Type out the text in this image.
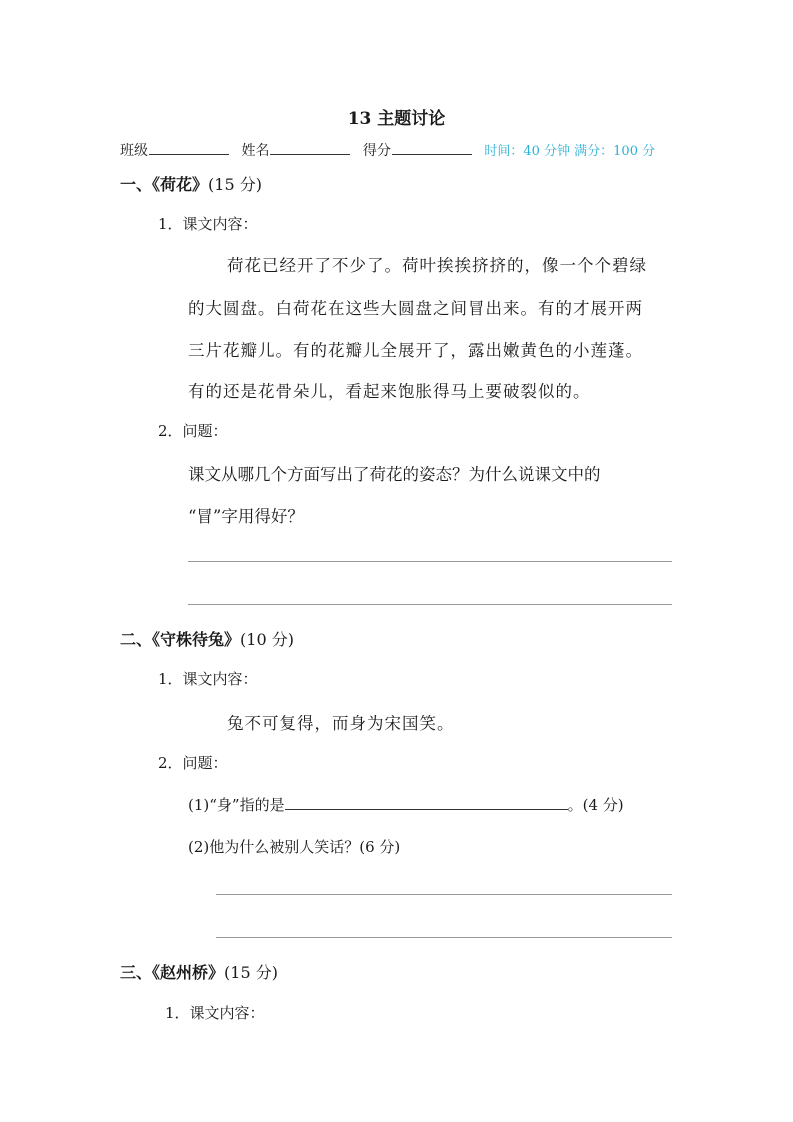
13 主题讨论
班级	姓名	得分	时间：40 分钟 满分：100 分
一、《荷花》(15 分)
1．课文内容：
荷花已经开了不少了。荷叶挨挨挤挤的，像一个个碧绿
的大圆盘。白荷花在这些大圆盘之间冒出来。有的才展开两
三片花瓣儿。有的花瓣儿全展开了，露出嫩黄色的小莲蓬。
有的还是花骨朵儿，看起来饱胀得马上要破裂似的。
2．问题：
课文从哪几个方面写出了荷花的姿态？为什么说课文中的
“冒”字用得好？
二、《守株待兔》(10 分)
1．课文内容：
兔不可复得，而身为宋国笑。
2．问题：
(1)“身”指的是	。(4 分)
(2)他为什么被别人笑话？(6 分)
三、《赵州桥》(15 分)
1．课文内容：
